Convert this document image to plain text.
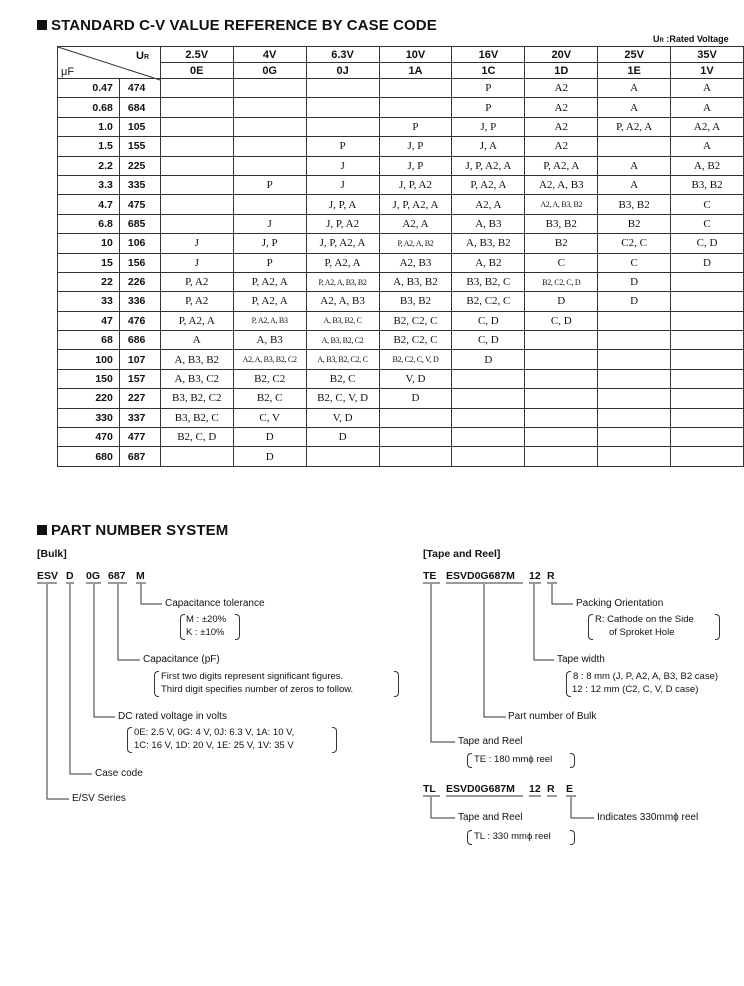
STANDARD C-V VALUE REFERENCE BY CASE CODE
UR :Rated Voltage
		2.5V	4V	6.3V	10V	16V	20V	25V	35V
		0E	0G	0J	1A	1C	1D	1E	1V
0.47	474					P	A2	A	A
0.68	684					P	A2	A	A
1.0	105				P	J, P	A2	P, A2, A	A2, A
1.5	155			P	J, P	J, A	A2		A
2.2	225			J	J, P	J, P, A2, A	P, A2, A	A	A, B2
3.3	335		P	J	J, P, A2	P, A2, A	A2, A, B3	A	B3, B2
4.7	475			J, P, A	J, P, A2, A	A2, A	A2, A, B3, B2	B3, B2	C
6.8	685		J	J, P, A2	A2, A	A, B3	B3, B2	B2	C
10	106	J	J, P	J, P, A2, A	P, A2, A, B2	A, B3, B2	B2	C2, C	C, D
15	156	J	P	P, A2, A	A2, B3	A, B2	C	C	D
22	226	P, A2	P, A2, A	P, A2, A, B3, B2	A, B3, B2	B3, B2, C	B2, C2, C, D	D	
33	336	P, A2	P, A2, A	A2, A, B3	B3, B2	B2, C2, C	D	D	
47	476	P, A2, A	P, A2, A, B3	A, B3, B2, C	B2, C2, C	C, D	C, D		
68	686	A	A, B3	A, B3, B2, C2	B2, C2, C	C, D			
100	107	A, B3, B2	A2, A, B3, B2, C2	A, B3, B2, C2, C	B2, C2, C, V, D	D			
150	157	A, B3, C2	B2, C2	B2, C	V, D				
220	227	B3, B2, C2	B2, C	B2, C, V, D	D				
330	337	B3, B2, C	C, V	V, D					
470	477	B2, C, D	D	D					
680	687		D						
UR
μF
PART NUMBER SYSTEM
[Bulk]
ESV D 0G 687 M
Capacitance tolerance
M : ±20%
K : ±10%
Capacitance (pF)
First two digits represent significant figures.
Third digit specifies number of zeros to follow.
DC rated voltage in volts
0E: 2.5 V, 0G: 4 V, 0J: 6.3 V, 1A: 10 V,
1C: 16 V, 1D: 20 V, 1E: 25 V, 1V: 35 V
Case code
E/SV Series
[Tape and Reel]
TE ESVD0G687M 12 R
Packing Orientation
R: Cathode on the Side
of Sproket Hole
Tape width
8 : 8 mm (J, P, A2, A, B3, B2 case)
12 : 12 mm (C2, C, V, D case)
Part number of Bulk
Tape and Reel
TE : 180 mmϕ reel
TL ESVD0G687M 12 R E
Indicates 330mmϕ reel
Tape and Reel
TL : 330 mmϕ reel
